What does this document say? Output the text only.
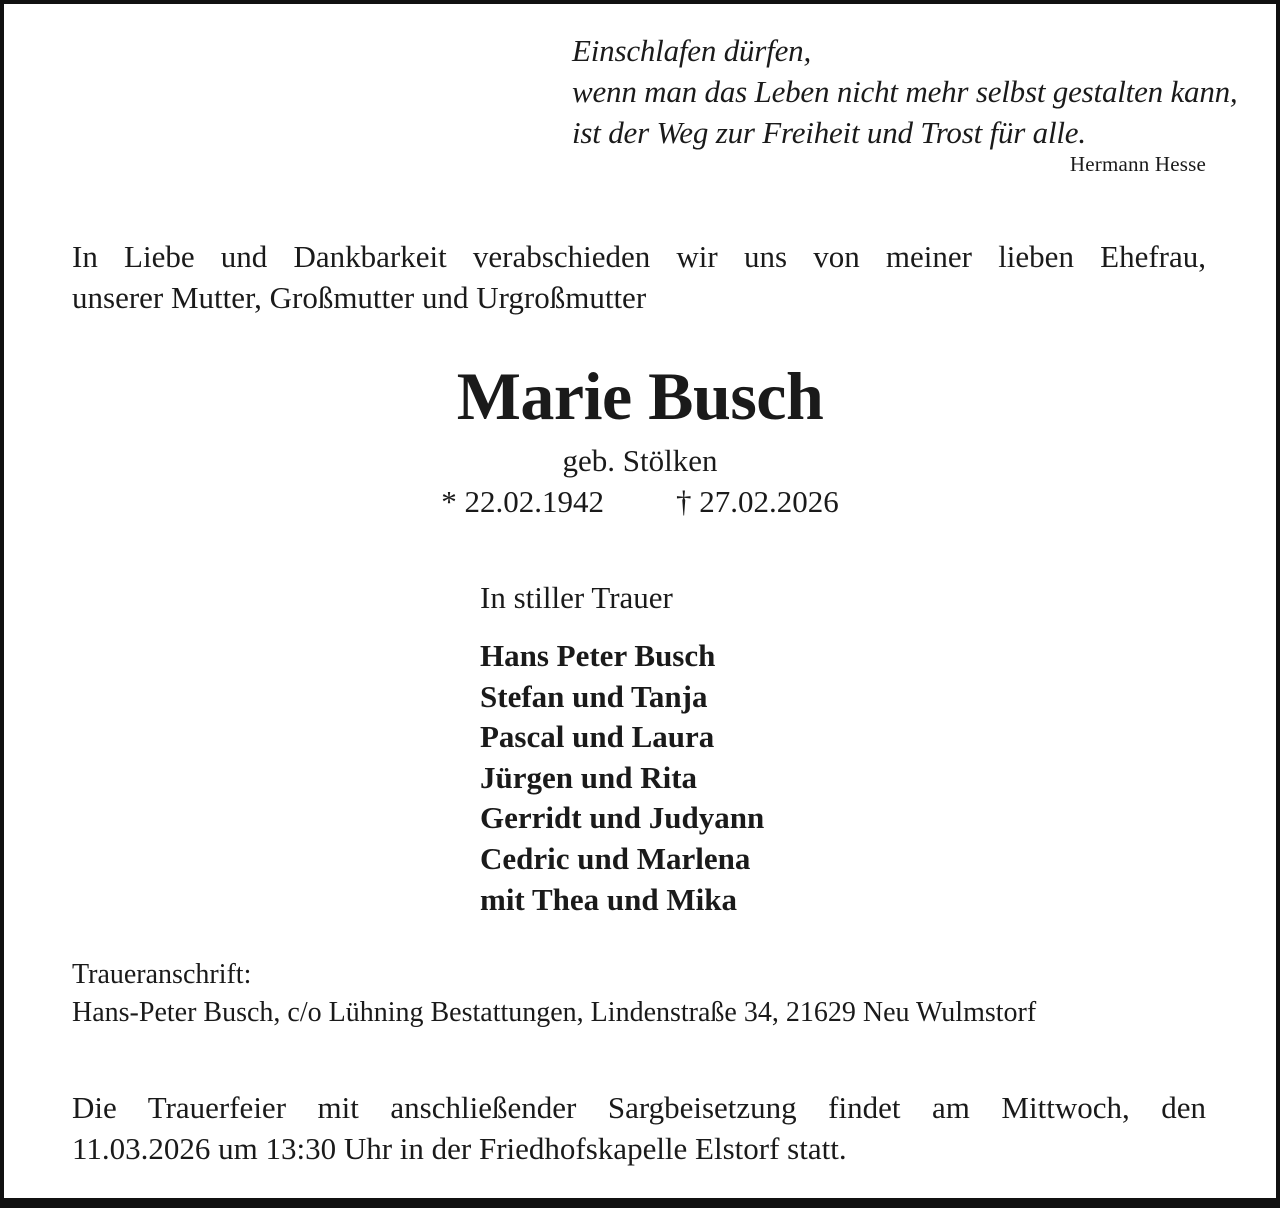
Einschlafen dürfen,
wenn man das Leben nicht mehr selbst gestalten kann,
ist der Weg zur Freiheit und Trost für alle.
Hermann Hesse
In Liebe und Dankbarkeit verabschieden wir uns von meiner lieben Ehefrau,
unserer Mutter, Großmutter und Urgroßmutter
Marie Busch
geb. Stölken
* 22.02.1942 † 27.02.2026
In stiller Trauer
Hans Peter Busch
Stefan und Tanja
Pascal und Laura
Jürgen und Rita
Gerridt und Judyann
Cedric und Marlena
mit Thea und Mika
Traueranschrift:
Hans-Peter Busch, c/o Lühning Bestattungen, Lindenstraße 34, 21629 Neu Wulmstorf
Die Trauerfeier mit anschließender Sargbeisetzung findet am Mittwoch, den
11.03.2026 um 13:30 Uhr in der Friedhofskapelle Elstorf statt.
